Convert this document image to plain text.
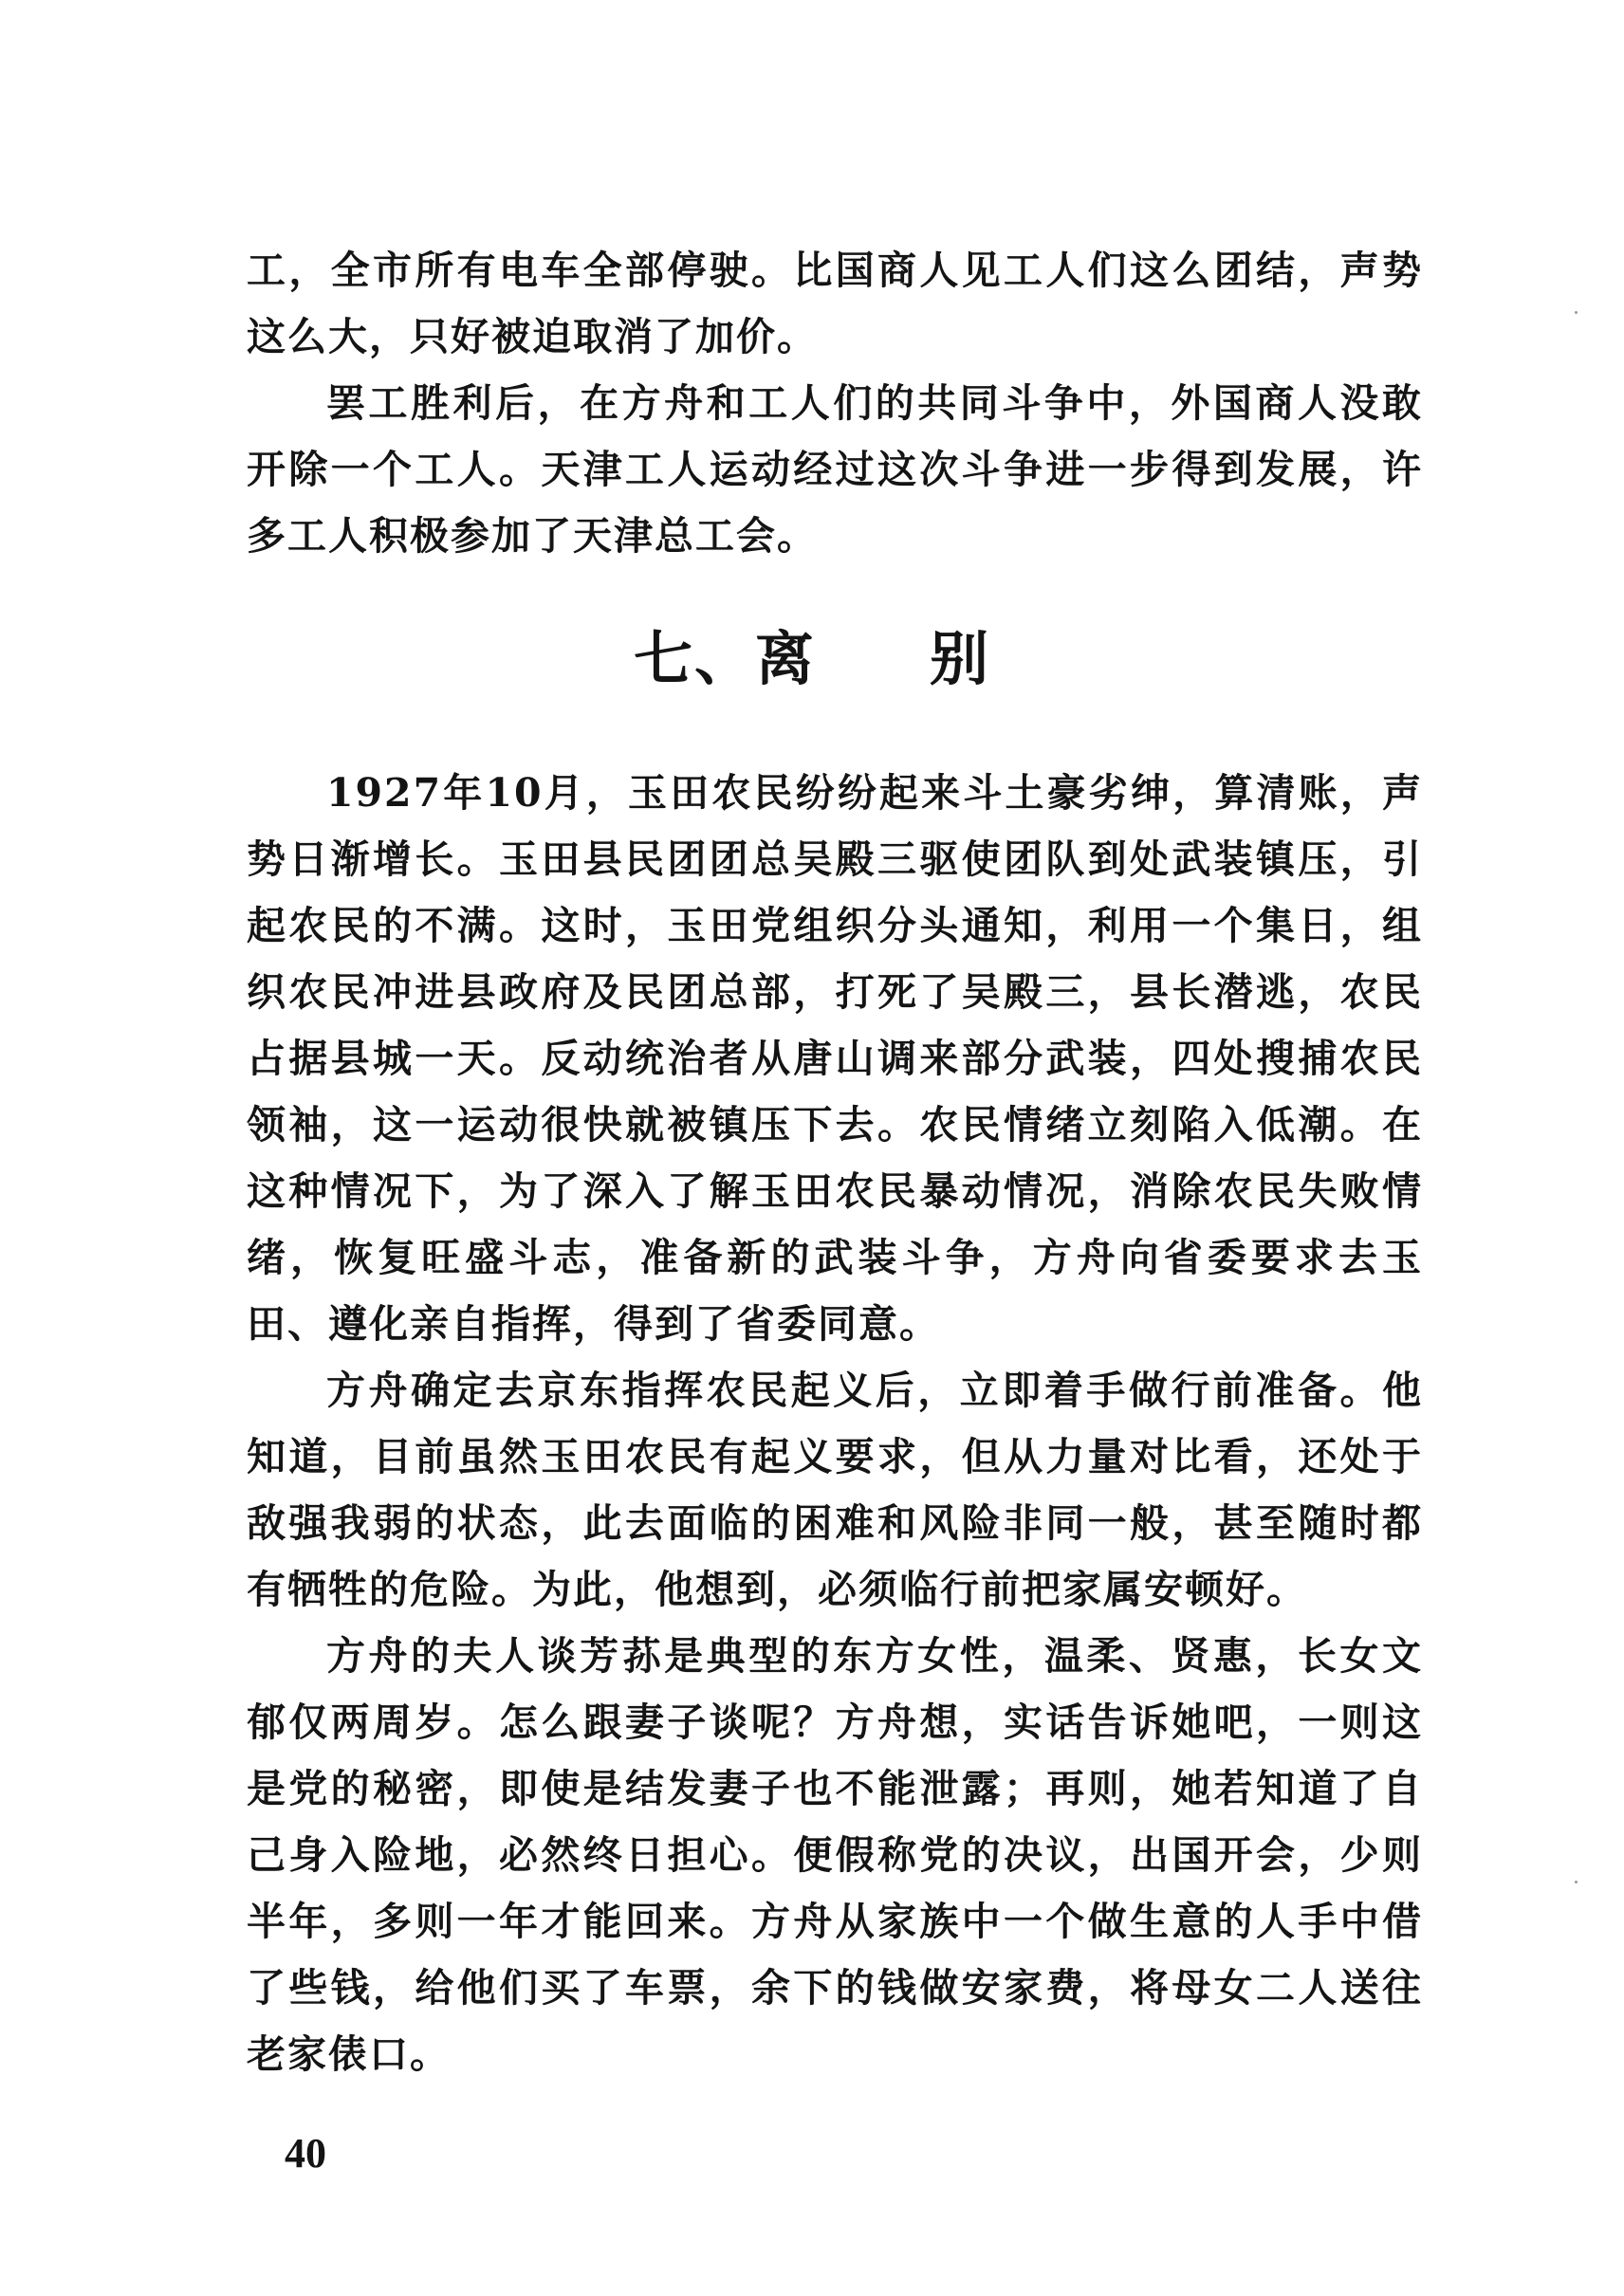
工，全市所有电车全部停驶。比国商人见工人们这么团结，声势
这么大，只好被迫取消了加价。
罢工胜利后，在方舟和工人们的共同斗争中，外国商人没敢
开除一个工人。天津工人运动经过这次斗争进一步得到发展，许
多工人积极参加了天津总工会。
七、离 别
1927年10月，玉田农民纷纷起来斗土豪劣绅，算清账，声
势日渐增长。玉田县民团团总吴殿三驱使团队到处武装镇压，引
起农民的不满。这时，玉田党组织分头通知，利用一个集日，组
织农民冲进县政府及民团总部，打死了吴殿三，县长潜逃，农民
占据县城一天。反动统治者从唐山调来部分武装，四处搜捕农民
领袖，这一运动很快就被镇压下去。农民情绪立刻陷入低潮。在
这种情况下，为了深入了解玉田农民暴动情况，消除农民失败情
绪，恢复旺盛斗志，准备新的武装斗争，方舟向省委要求去玉
田、遵化亲自指挥，得到了省委同意。
方舟确定去京东指挥农民起义后，立即着手做行前准备。他
知道，目前虽然玉田农民有起义要求，但从力量对比看，还处于
敌强我弱的状态，此去面临的困难和风险非同一般，甚至随时都
有牺牲的危险。为此，他想到，必须临行前把家属安顿好。
方舟的夫人谈芳荪是典型的东方女性，温柔、贤惠，长女文
郁仅两周岁。怎么跟妻子谈呢？方舟想，实话告诉她吧，一则这
是党的秘密，即使是结发妻子也不能泄露；再则，她若知道了自
己身入险地，必然终日担心。便假称党的决议，出国开会，少则
半年，多则一年才能回来。方舟从家族中一个做生意的人手中借
了些钱，给他们买了车票，余下的钱做安家费，将母女二人送往
老家俵口。
40
